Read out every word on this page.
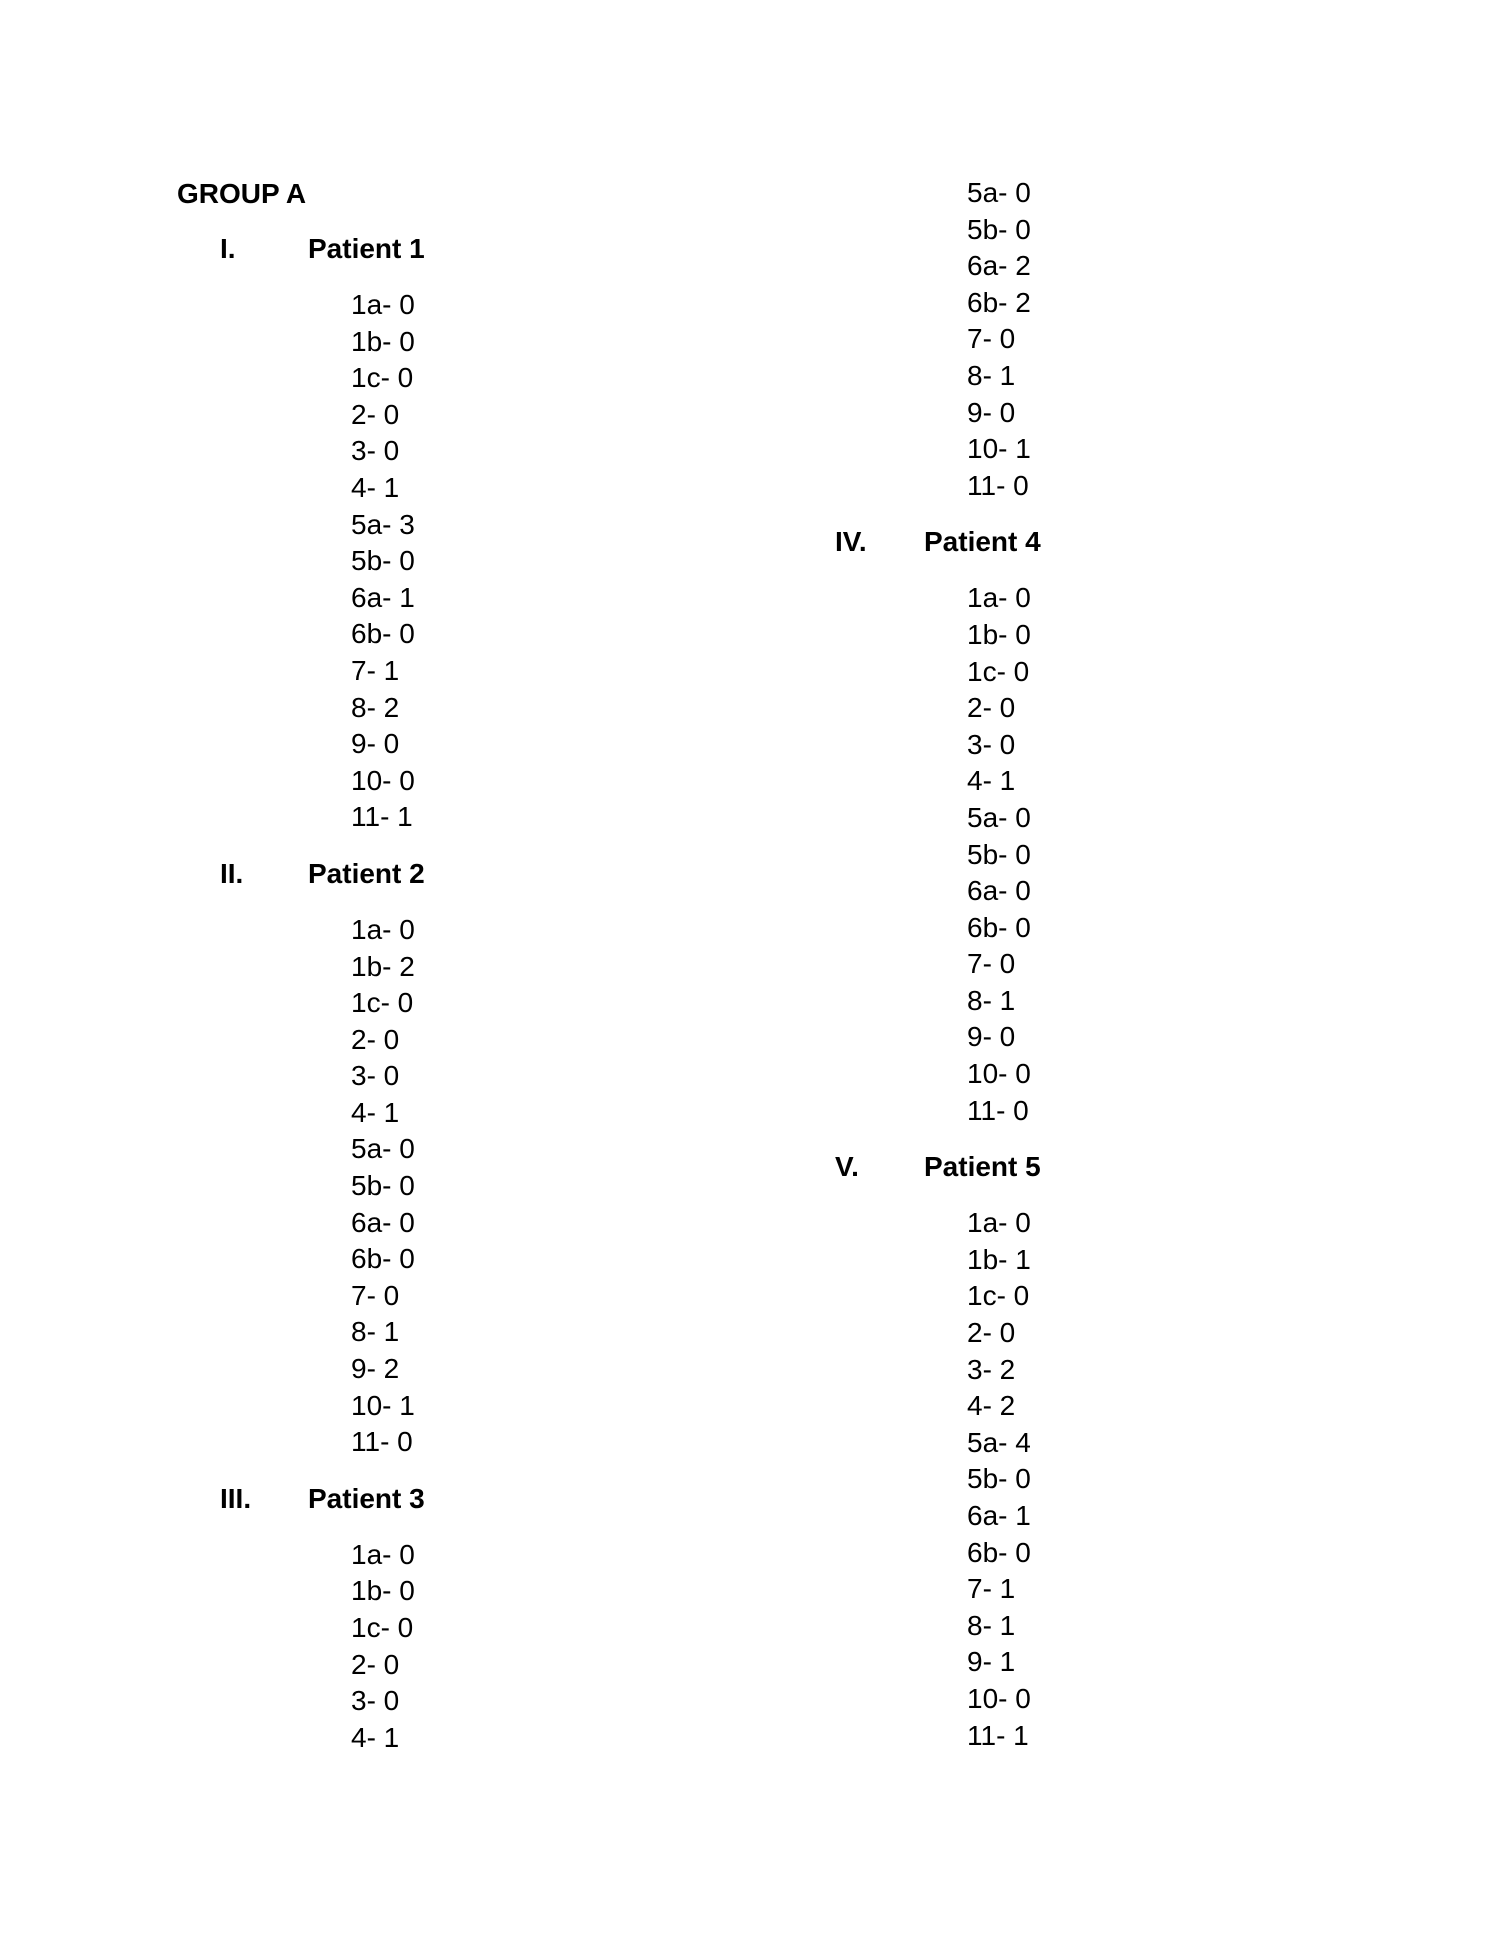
GROUP A
I.	Patient 1
1a- 0
1b- 0
1c- 0
2- 0
3- 0
4- 1
5a- 3
5b- 0
6a- 1
6b- 0
7- 1
8- 2
9- 0
10- 0
11- 1
II. Patient 2
1a- 0
1b- 2
1c- 0
2- 0
3- 0
4- 1
5a- 0
5b- 0
6a- 0
6b- 0
7- 0
8- 1
9- 2
10- 1
11- 0
III. Patient 3
1a- 0
1b- 0
1c- 0
2- 0
3- 0
4- 1
5a- 0
5b- 0
6a- 2
6b- 2
7- 0
8- 1
9- 0
10- 1
11- 0
IV. Patient 4
1a- 0
1b- 0
1c- 0
2- 0
3- 0
4- 1
5a- 0
5b- 0
6a- 0
6b- 0
7- 0
8- 1
9- 0
10- 0
11- 0
V. Patient 5
1a- 0
1b- 1
1c- 0
2- 0
3- 2
4- 2
5a- 4
5b- 0
6a- 1
6b- 0
7- 1
8- 1
9- 1
10- 0
11- 1
